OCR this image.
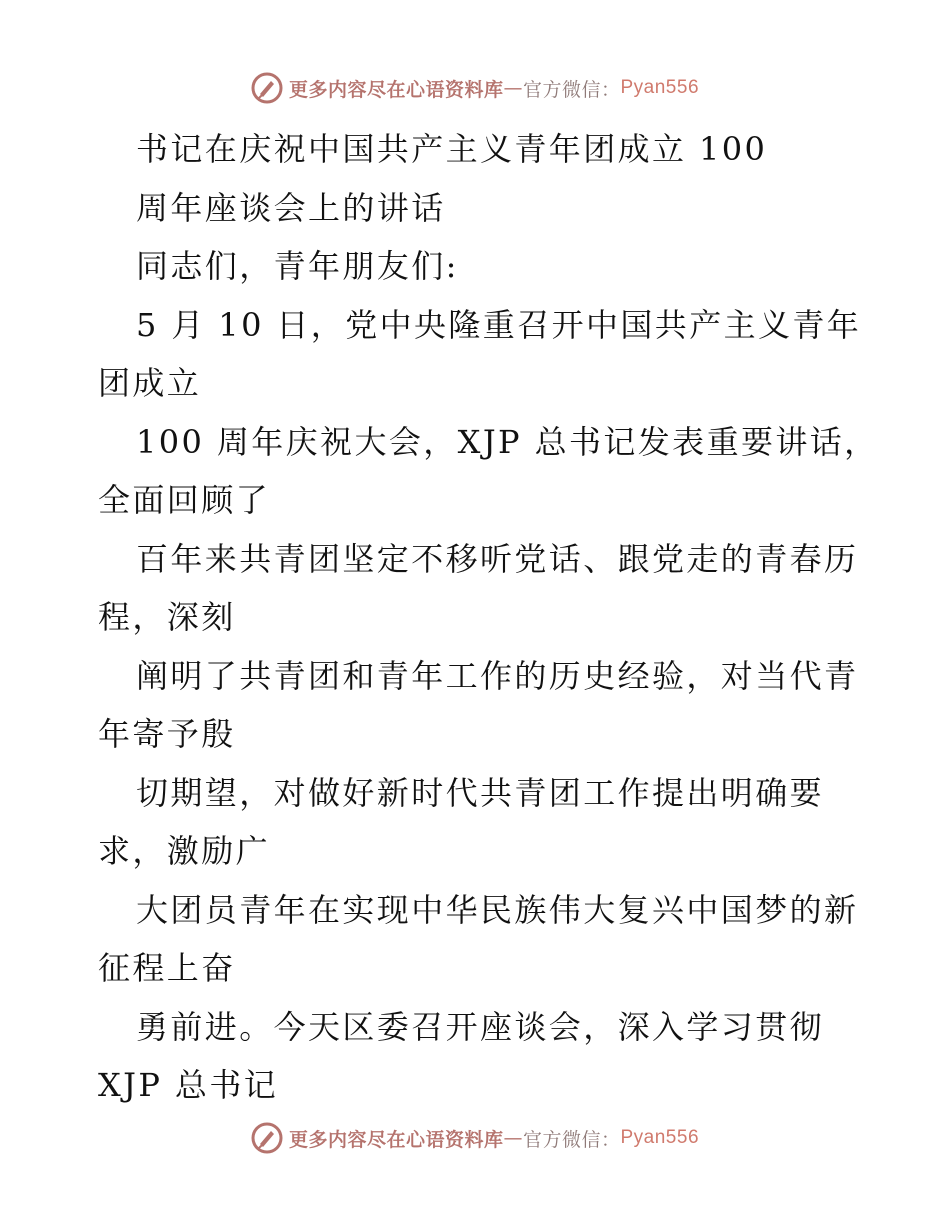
更多内容尽在心语资料库 — 官方微信： Pyan556
书记在庆祝中国共产主义青年团成立 100
周年座谈会上的讲话
同志们，青年朋友们:
5 月 10 日，党中央隆重召开中国共产主义青年
团成立
100 周年庆祝大会，XJP 总书记发表重要讲话，
全面回顾了
百年来共青团坚定不移听党话、跟党走的青春历
程，深刻
阐明了共青团和青年工作的历史经验，对当代青
年寄予殷
切期望，对做好新时代共青团工作提出明确要
求，激励广
大团员青年在实现中华民族伟大复兴中国梦的新
征程上奋
勇前进。今天区委召开座谈会，深入学习贯彻
XJP 总书记
更多内容尽在心语资料库 — 官方微信： Pyan556
